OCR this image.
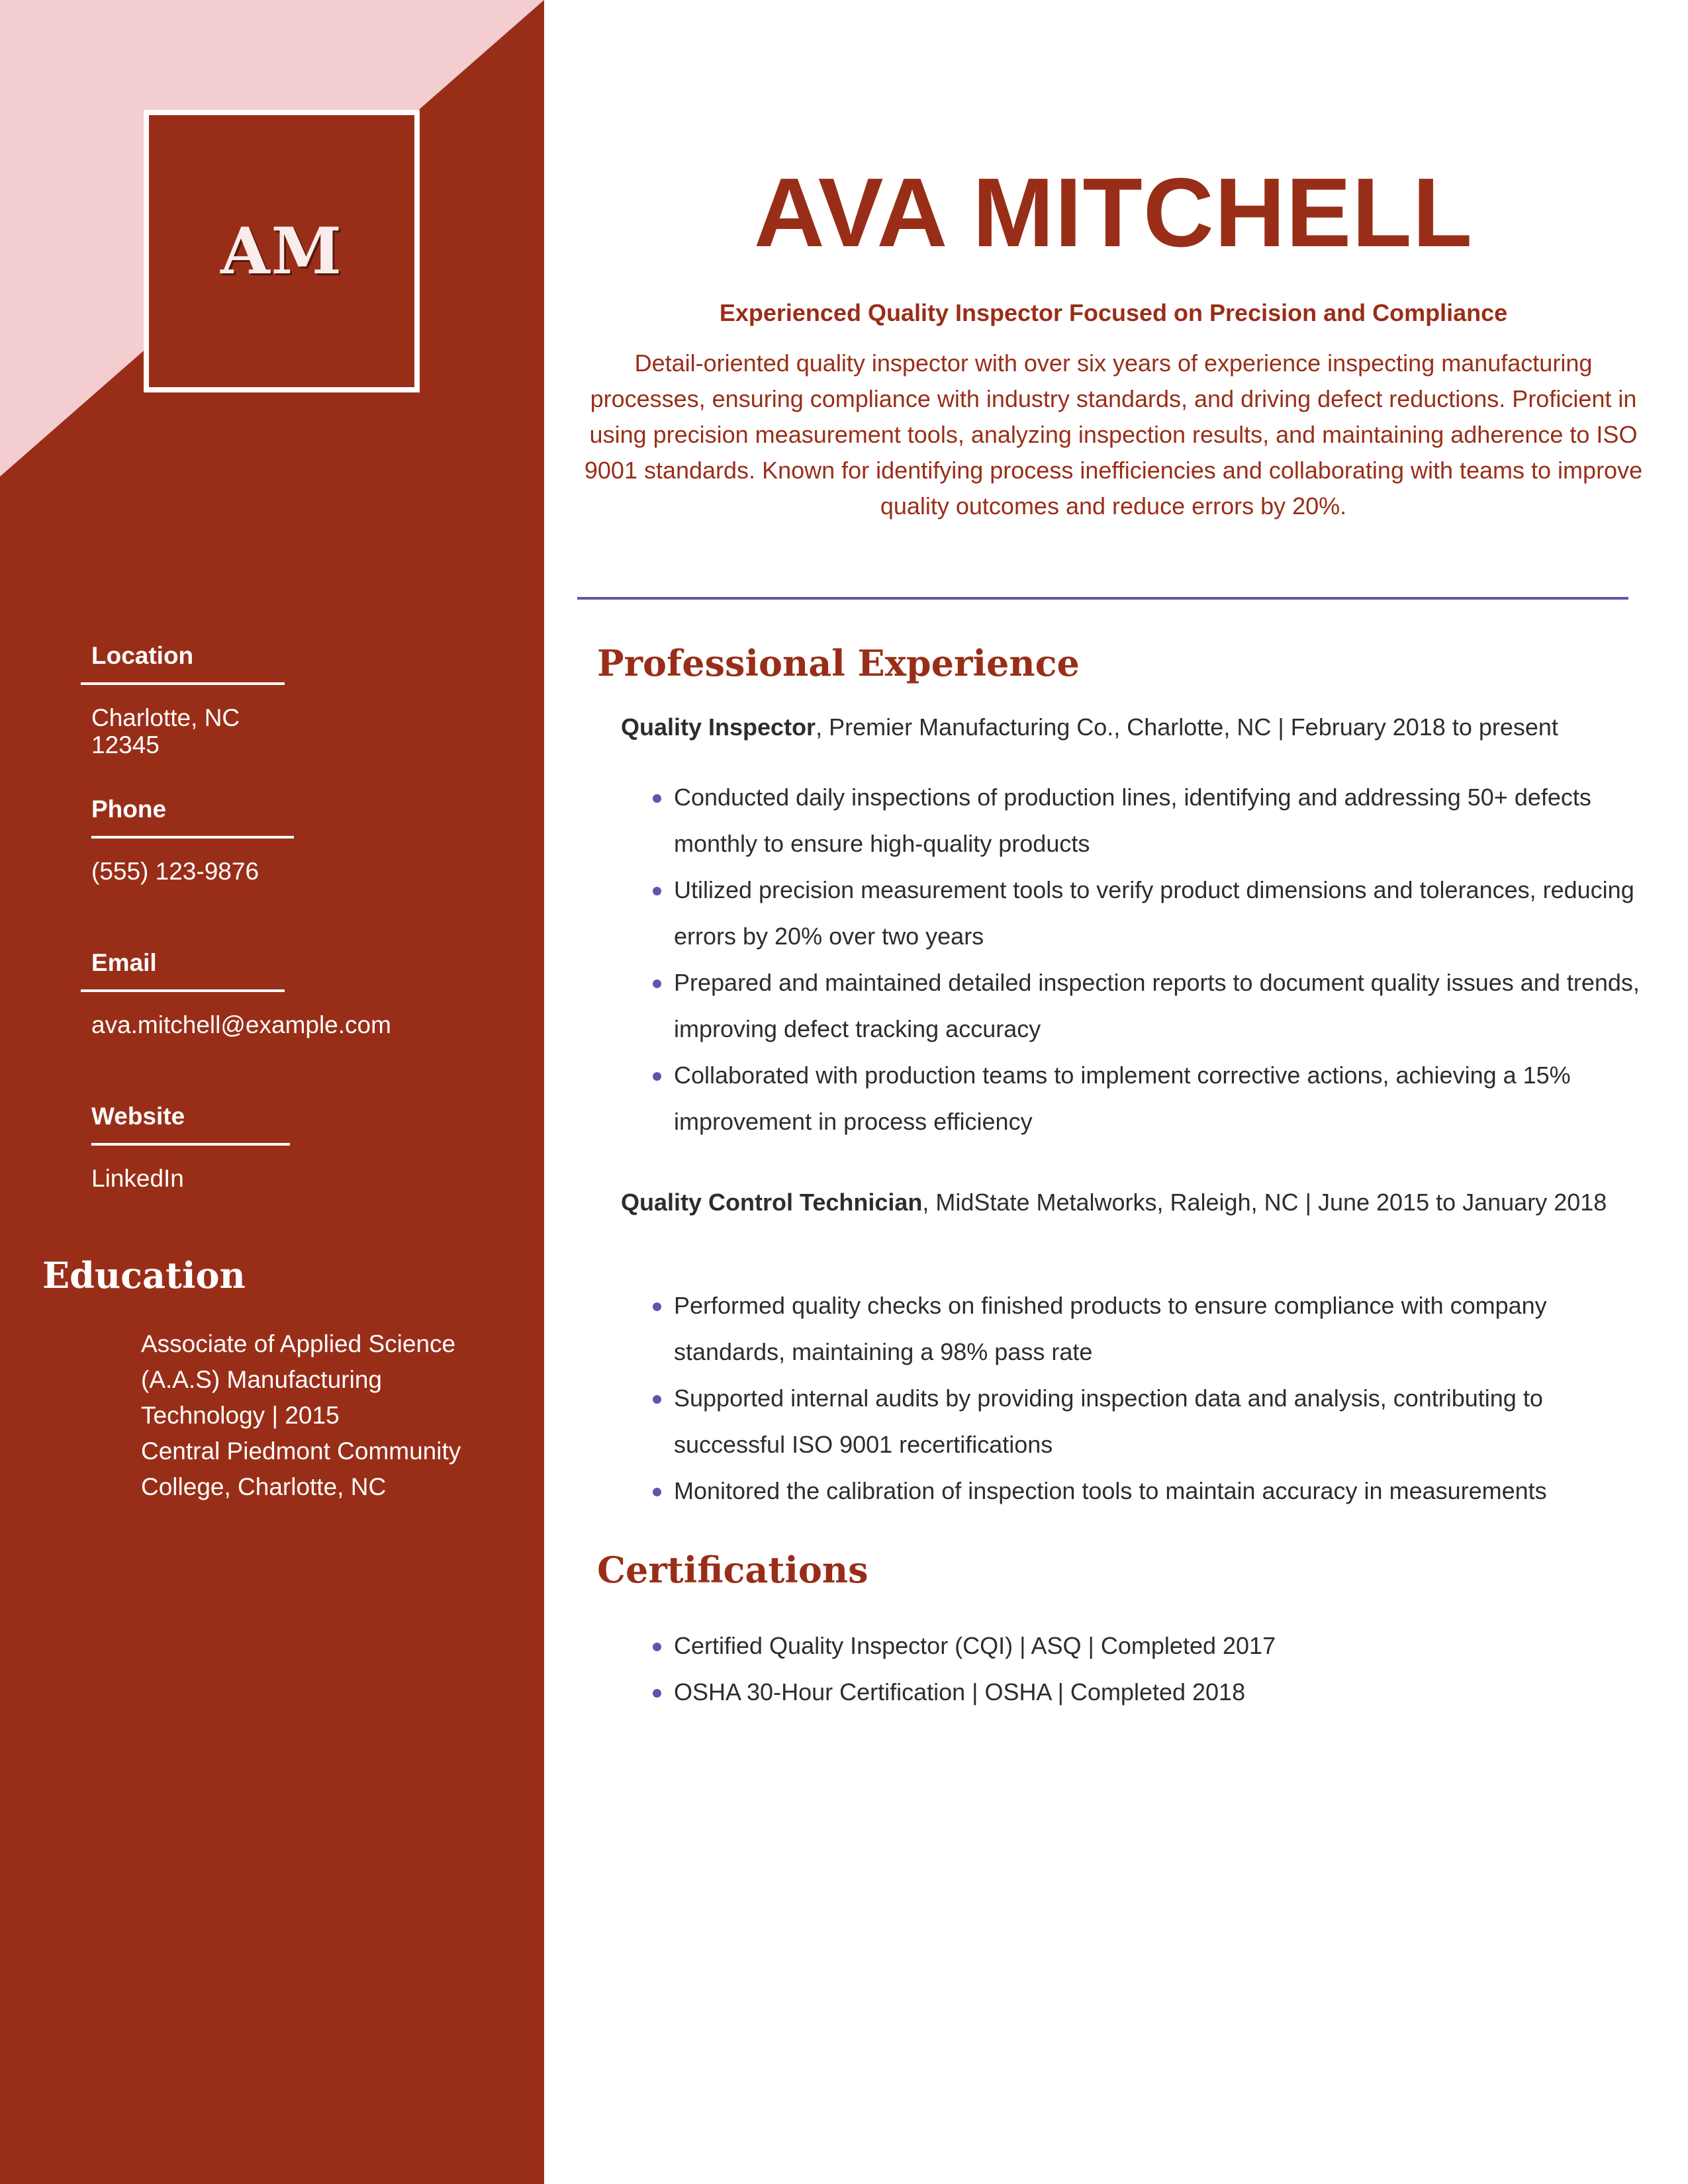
AM

Location

Charlotte, NC 12345

Phone

(555) 123-9876

Email

ava.mitchell@example.com

Website

LinkedIn
Education
Associate of Applied Science
(A.A.S) Manufacturing
Technology | 2015
Central Piedmont Community
College, Charlotte, NC
AVA MITCHELL
Experienced Quality Inspector Focused on Precision and Compliance
Detail-oriented quality inspector with over six years of experience inspecting manufacturing processes, ensuring compliance with industry standards, and driving defect reductions. Proficient in using precision measurement tools, analyzing inspection results, and maintaining adherence to ISO 9001 standards. Known for identifying process inefficiencies and collaborating with teams to improve quality outcomes and reduce errors by 20%.
Professional Experience
Quality Inspector, Premier Manufacturing Co., Charlotte, NC | February 2018 to present
Conducted daily inspections of production lines, identifying and addressing 50+ defects monthly to ensure high-quality products
Utilized precision measurement tools to verify product dimensions and tolerances, reducing errors by 20% over two years
Prepared and maintained detailed inspection reports to document quality issues and trends, improving defect tracking accuracy
Collaborated with production teams to implement corrective actions, achieving a 15% improvement in process efficiency
Quality Control Technician, MidState Metalworks, Raleigh, NC | June 2015 to January 2018
Performed quality checks on finished products to ensure compliance with company standards, maintaining a 98% pass rate
Supported internal audits by providing inspection data and analysis, contributing to successful ISO 9001 recertifications
Monitored the calibration of inspection tools to maintain accuracy in measurements
Certifications
Certified Quality Inspector (CQI) | ASQ | Completed 2017
OSHA 30-Hour Certification | OSHA | Completed 2018
